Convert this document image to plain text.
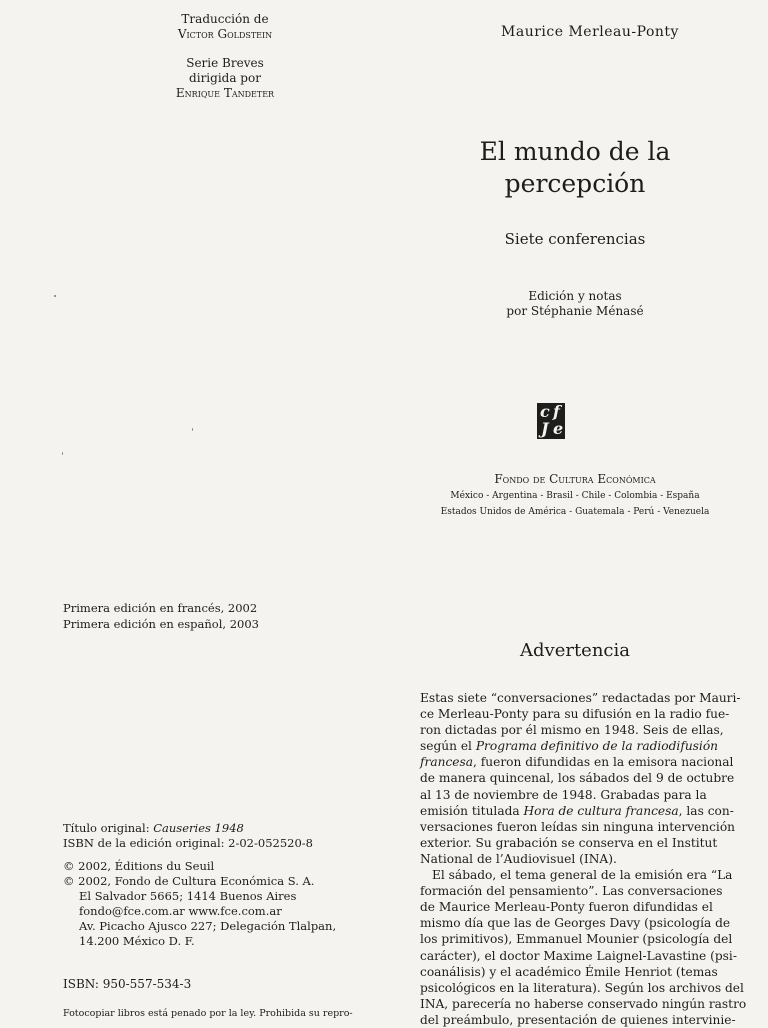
Traducción de

Victor Goldstein

Serie Breves

dirigida por

Enrique Tandeter

Maurice Merleau-Ponty
El mundo de la
percepción
Siete conferencias
Edición y notas
por Stéphanie Ménasé
c f
J e
Fondo de Cultura Económica
México - Argentina - Brasil - Chile - Colombia - España
Estados Unidos de América - Guatemala - Perú - Venezuela

Primera edición en francés, 2002

Primera edición en español, 2003

Título original: Causeries 1948

ISBN de la edición original: 2-02-052520-8

© 2002, Éditions du Seuil

© 2002, Fondo de Cultura Económica S. A.

El Salvador 5665; 1414 Buenos Aires

fondo@fce.com.ar www.fce.com.ar

Av. Picacho Ajusco 227; Delegación Tlalpan,

14.200 México D. F.

ISBN: 950-557-534-3
Fotocopiar libros está penado por la ley. Prohibida su repro-
Advertencia
Estas siete “conversaciones” redactadas por Mauri-
ce Merleau-Ponty para su difusión en la radio fue-
ron dictadas por él mismo en 1948. Seis de ellas,
según el Programa definitivo de la radiodifusión
francesa, fueron difundidas en la emisora nacional
de manera quincenal, los sábados del 9 de octubre
al 13 de noviembre de 1948. Grabadas para la
emisión titulada Hora de cultura francesa, las con-
versaciones fueron leídas sin ninguna intervención
exterior. Su grabación se conserva en el Institut
National de l’Audiovisuel (INA).
El sábado, el tema general de la emisión era “La
formación del pensamiento”. Las conversaciones
de Maurice Merleau-Ponty fueron difundidas el
mismo día que las de Georges Davy (psicología de
los primitivos), Emmanuel Mounier (psicología del
carácter), el doctor Maxime Laignel-Lavastine (psi-
coanálisis) y el académico Émile Henriot (temas
psicológicos en la literatura). Según los archivos del
INA, parecería no haberse conservado ningún rastro
del preámbulo, presentación de quienes intervinie-
